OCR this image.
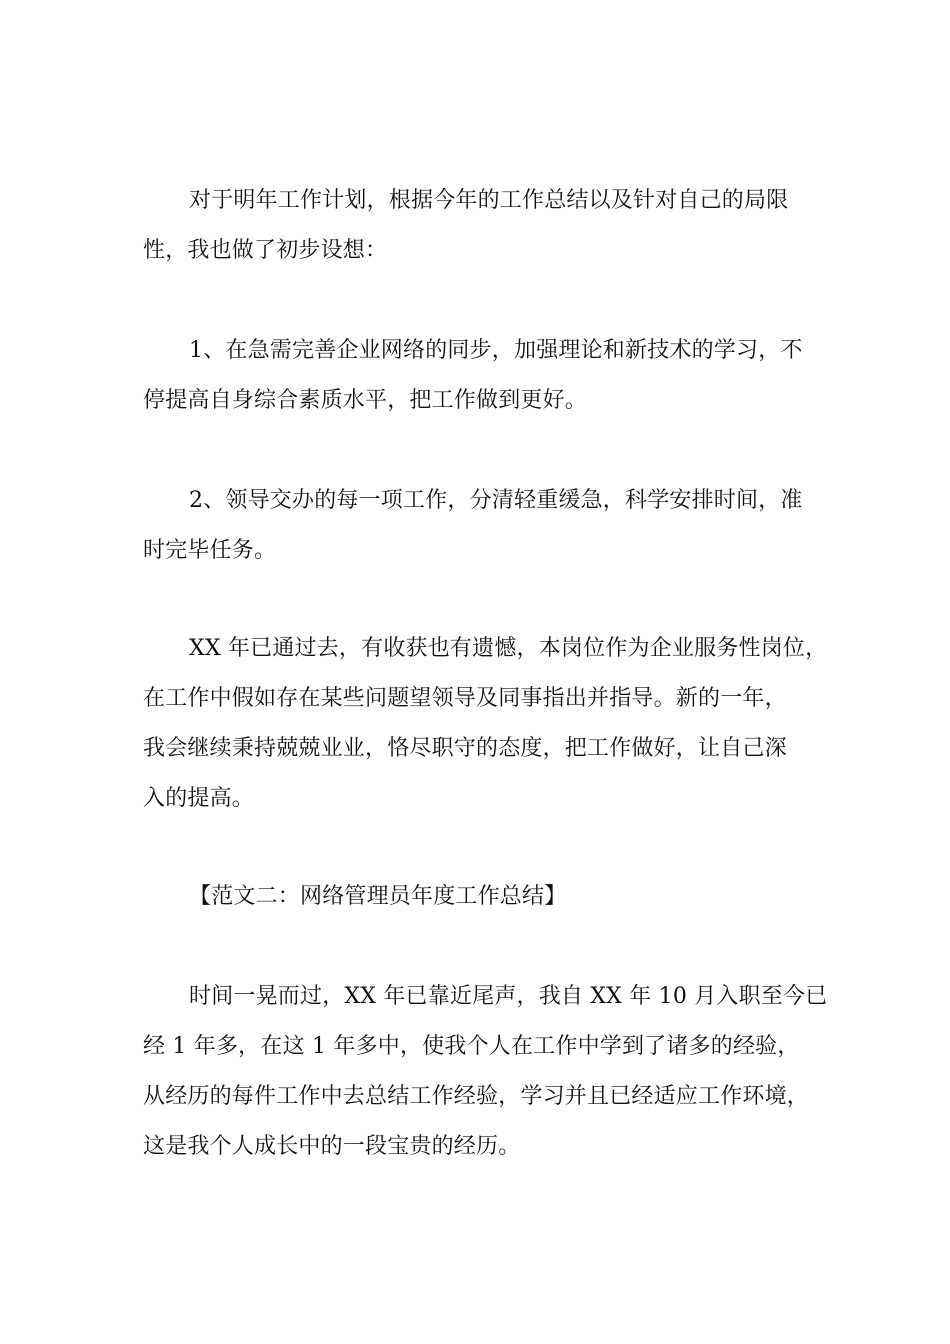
对于明年工作计划，根据今年的工作总结以及针对自己的局限
性，我也做了初步设想：

1、在急需完善企业网络的同步，加强理论和新技术的学习，不
停提高自身综合素质水平，把工作做到更好。

2、领导交办的每一项工作，分清轻重缓急，科学安排时间，准
时完毕任务。

XX 年已通过去，有收获也有遗憾，本岗位作为企业服务性岗位，
在工作中假如存在某些问题望领导及同事指出并指导。新的一年，
我会继续秉持兢兢业业，恪尽职守的态度，把工作做好，让自己深
入的提高。

【范文二：网络管理员年度工作总结】

时间一晃而过，XX 年已靠近尾声，我自 XX 年 10 月入职至今已
经 1 年多，在这 1 年多中，使我个人在工作中学到了诸多的经验，
从经历的每件工作中去总结工作经验，学习并且已经适应工作环境，
这是我个人成长中的一段宝贵的经历。
